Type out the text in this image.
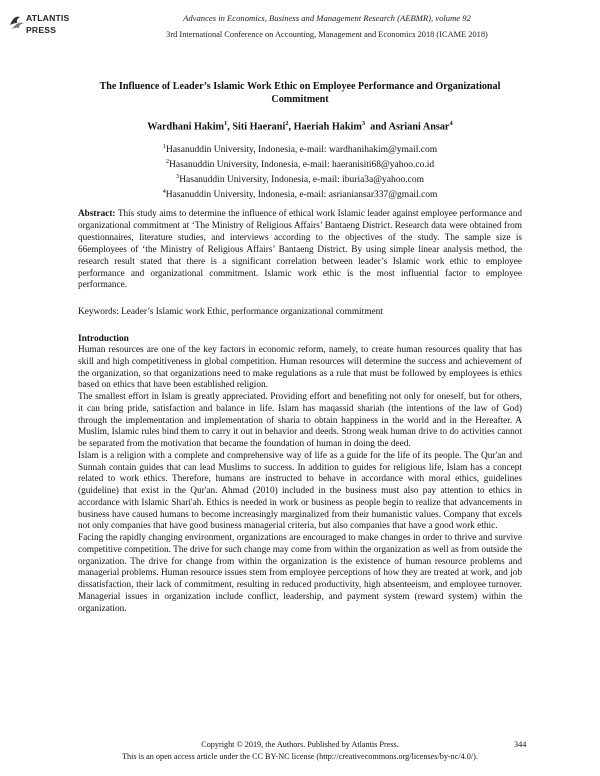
ATLANTIS
PRESS
Advances in Economics, Business and Management Research (AEBMR), volume 92
3rd International Conference on Accounting, Management and Economics 2018 (ICAME 2018)
The Influence of Leader’s Islamic Work Ethic on Employee Performance and Organizational Commitment
Wardhani Hakim$^1$, Siti Haerani$^2$, Haeriah Hakim$^3$  and Asriani Ansar$^4$
$^1$Hasanuddin University, Indonesia, e-mail: wardhanihakim@ymail.com
$^2$Hasanuddin University, Indonesia, e-mail: haeranisiti68@yahoo.co.id
$^3$Hasanuddin University, Indonesia, e-mail: iburia3a@yahoo.com
$^4$Hasanuddin University, Indonesia, e-mail: asrianiansar337@gmail.com
Abstract: This study aims to determine the influence of ethical work Islamic leader against employee performance and organizational commitment at ‘The Ministry of Religious Affairs’ Bantaeng District. Research data were obtained from questionnaires, literature studies, and interviews according to the objectives of the study. The sample size is 66employees of ‘the Ministry of Religious Affairs’ Bantaeng District. By using simple linear analysis method, the research result stated that there is a significant correlation between leader’s Islamic work ethic to employee performance and organizational commitment. Islamic work ethic is the most influential factor to employee performance.
Keywords: Leader’s Islamic work Ethic, performance organizational commitment
Introduction

Human resources are one of the key factors in economic reform, namely, to create human resources quality that has skill and high competitiveness in global competition. Human resources will determine the success and achievement of the organization, so that organizations need to make regulations as a rule that must be followed by employees is ethics based on ethics that have been established religion.

The smallest effort in Islam is greatly appreciated. Providing effort and benefiting not only for oneself, but for others, it can bring pride, satisfaction and balance in life. Islam has maqassid shariah (the intentions of the law of God) through the implementation and implementation of sharia to obtain happiness in the world and in the Hereafter. A Muslim, Islamic rules bind them to carry it out in behavior and deeds. Strong weak human drive to do activities cannot be separated from the motivation that became the foundation of human in doing the deed.

Islam is a religion with a complete and comprehensive way of life as a guide for the life of its people. The Qur'an and Sunnah contain guides that can lead Muslims to success. In addition to guides for religious life, Islam has a concept related to work ethics. Therefore, humans are instructed to behave in accordance with moral ethics, guidelines (guideline) that exist in the Qur'an. Ahmad (2010) included in the business must also pay attention to ethics in accordance with Islamic Shari'ah. Ethics is needed in work or business as people begin to realize that advancements in business have caused humans to become increasingly marginalized from their humanistic values. Company that excels not only companies that have good business managerial criteria, but also companies that have a good work ethic.

Facing the rapidly changing environment, organizations are encouraged to make changes in order to thrive and survive competitive competition. The drive for such change may come from within the organization as well as from outside the organization. The drive for change from within the organization is the existence of human resource problems and managerial problems. Human resource issues stem from employee perceptions of how they are treated at work, and job dissatisfaction, their lack of commitment, resulting in reduced productivity, high absenteeism, and employee turnover. Managerial issues in organization include conflict, leadership, and payment system (reward system) within the organization.

Copyright © 2019, the Authors. Published by Atlantis Press.	344
This is an open access article under the CC BY-NC license (http://creativecommons.org/licenses/by-nc/4.0/).
